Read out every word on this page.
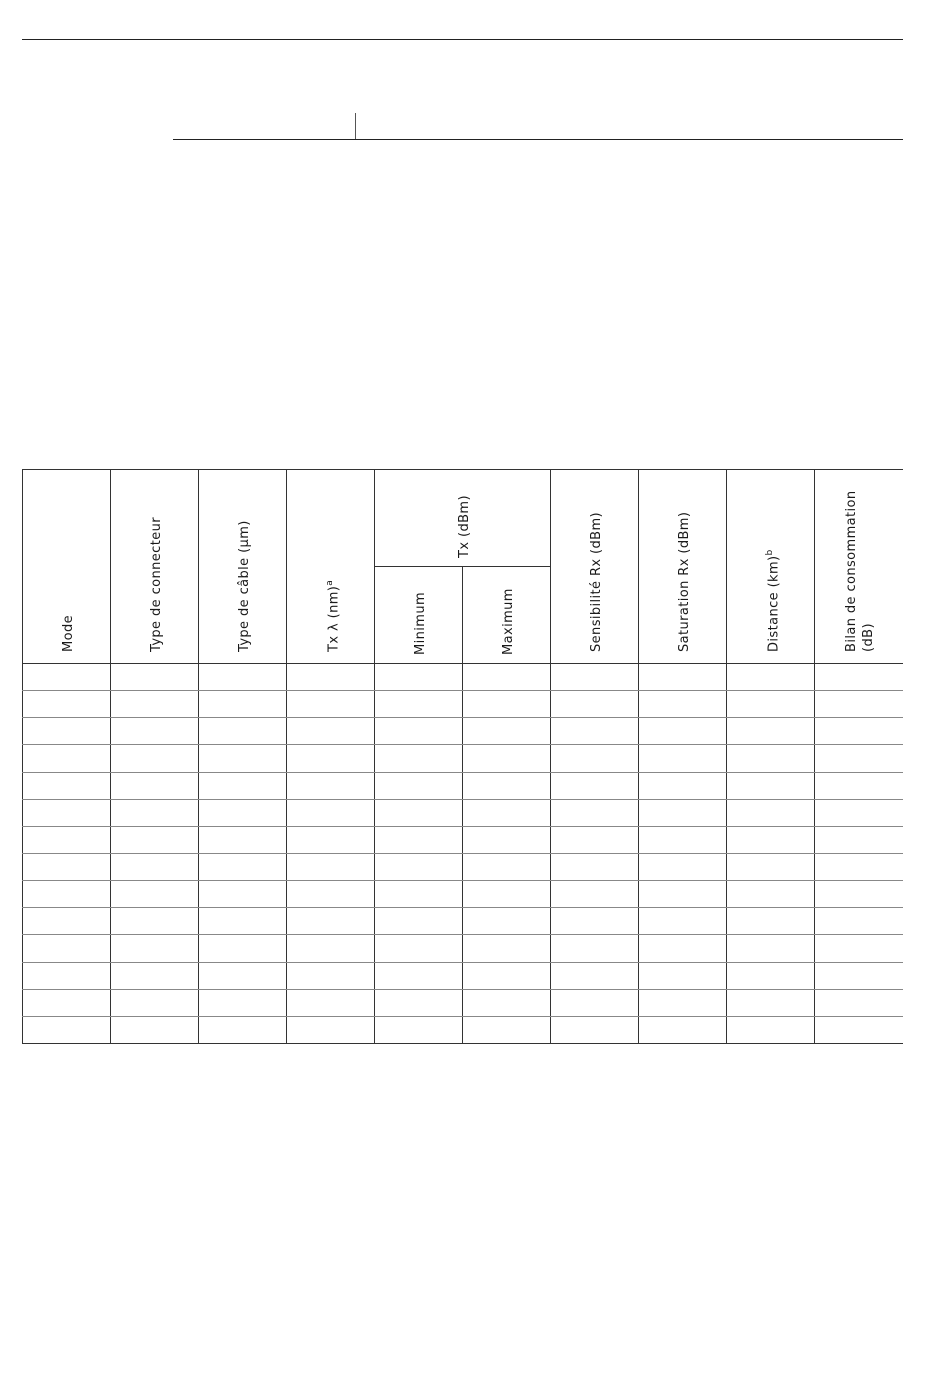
Mode	Type de connecteur	Type de câble (µm)	Tx λ (nm)$^a$
Tx (dBm)
Minimum	Maximum	Sensibilité Rx (dBm)	Saturation Rx (dBm)	Distance (km)$^b$	Bilan de consommation (dB)
